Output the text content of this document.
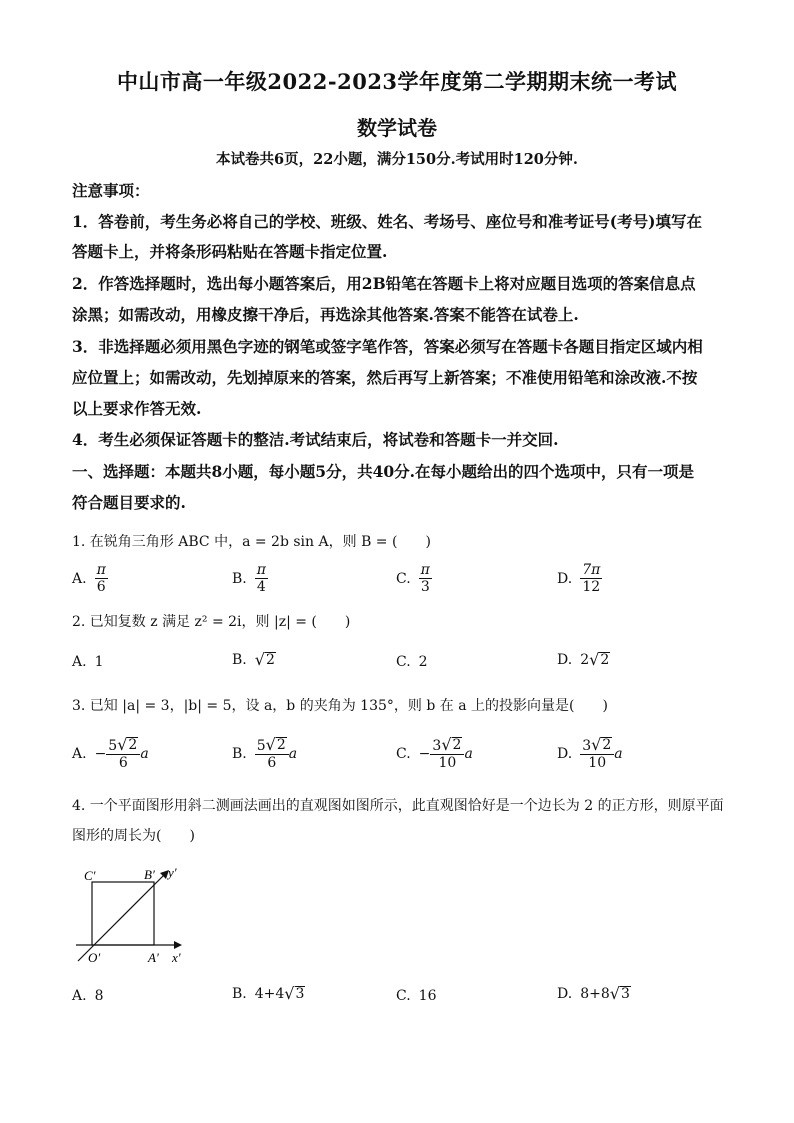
中山市高一年级2022-2023学年度第二学期期末统一考试
数学试卷
本试卷共6页，22小题，满分150分.考试用时120分钟.
注意事项：
1．答卷前，考生务必将自己的学校、班级、姓名、考场号、座位号和准考证号(考号)填写在
答题卡上，并将条形码粘贴在答题卡指定位置.
2．作答选择题时，选出每小题答案后，用2B铅笔在答题卡上将对应题目选项的答案信息点
涂黑；如需改动，用橡皮擦干净后，再选涂其他答案.答案不能答在试卷上.
3．非选择题必须用黑色字迹的钢笔或签字笔作答，答案必须写在答题卡各题目指定区域内相
应位置上；如需改动，先划掉原来的答案，然后再写上新答案；不准使用铅笔和涂改液.不按
以上要求作答无效.
4．考生必须保证答题卡的整洁.考试结束后，将试卷和答题卡一并交回.
一、选择题：本题共8小题，每小题5分，共40分.在每小题给出的四个选项中，只有一项是
符合题目要求的.
1. 在锐角三角形 ABC 中，a = 2b sin A，则 B = (　　)
A. $\frac{\pi}{6}$	B. $\frac{\pi}{4}$	C. $\frac{\pi}{3}$	D. $\frac{7\pi}{12}$
2. 已知复数 z 满足 z² = 2i，则 |z| = (　　)
A. 1	B. √ 2	C. 2	D. 2 √ 2
3. 已知 |a| = 3，|b| = 5，设 a，b 的夹角为 135°，则 b 在 a 上的投影向量是(　　)
A. − $\frac{5 √ 2}{6}$ a	B. $\frac{5 √ 2}{6}$ a	C. − $\frac{3 √ 2}{10}$ a	D. $\frac{3 √ 2}{10}$ a
4. 一个平面图形用斜二测画法画出的直观图如图所示，此直观图恰好是一个边长为 2 的正方形，则原平面
图形的周长为(　　)
C′	B′ y′
O′	A′ x′
A. 8	B. 4+4 √ 3	C. 16	D. 8+8 √ 3
